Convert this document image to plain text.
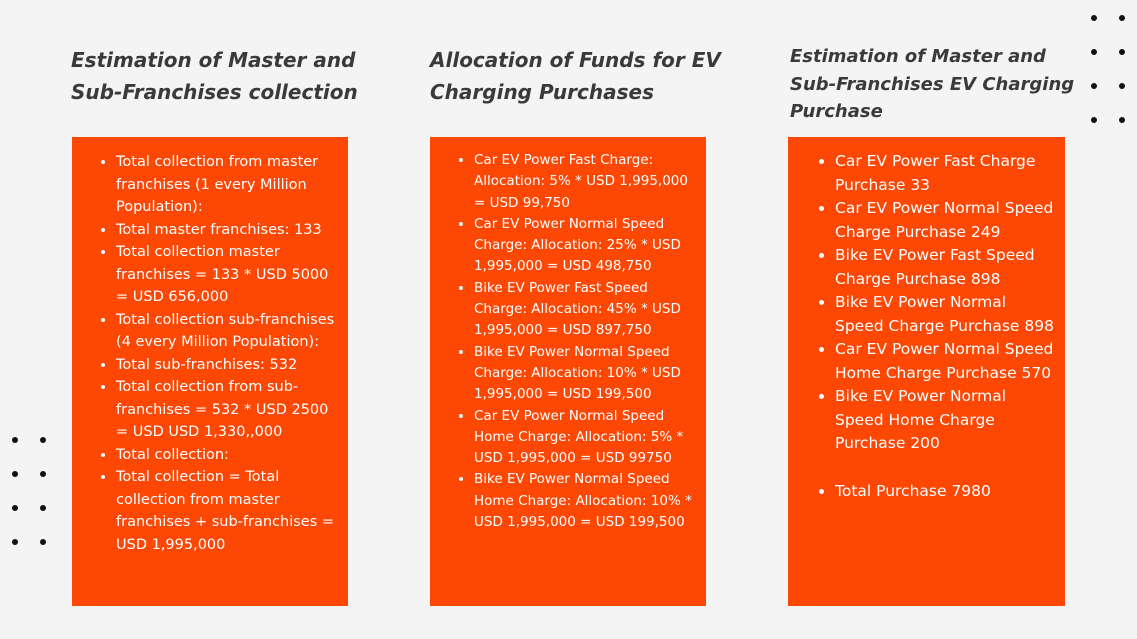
Estimation of Master and
Sub-Franchises collection
Allocation of Funds for EV
Charging Purchases
Estimation of Master and
Sub-Franchises EV Charging
Purchase
• Total collection from master franchises (1 every Million Population):
• Total master franchises: 133
• Total collection master franchises = 133 * USD 5000 = USD 656,000
• Total collection sub-franchises (4 every Million Population):
• Total sub-franchises: 532
• Total collection from sub-franchises = 532 * USD 2500 = USD USD 1,330,,000
• Total collection:
• Total collection = Total collection from master franchises + sub-franchises = USD 1,995,000
• Car EV Power Fast Charge: Allocation: 5% * USD 1,995,000 = USD 99,750
• Car EV Power Normal Speed Charge: Allocation: 25% * USD 1,995,000 = USD 498,750
• Bike EV Power Fast Speed Charge: Allocation: 45% * USD 1,995,000 = USD 897,750
• Bike EV Power Normal Speed Charge: Allocation: 10% * USD 1,995,000 = USD 199,500
• Car EV Power Normal Speed Home Charge: Allocation: 5% * USD 1,995,000 = USD 99750
• Bike EV Power Normal Speed Home Charge: Allocation: 10% * USD 1,995,000 = USD 199,500
• Car EV Power Fast Charge Purchase 33
• Car EV Power Normal Speed Charge Purchase 249
• Bike EV Power Fast Speed Charge Purchase 898
• Bike EV Power Normal Speed Charge Purchase 898
• Car EV Power Normal Speed Home Charge Purchase 570
• Bike EV Power Normal Speed Home Charge Purchase 200
• Total Purchase 7980
